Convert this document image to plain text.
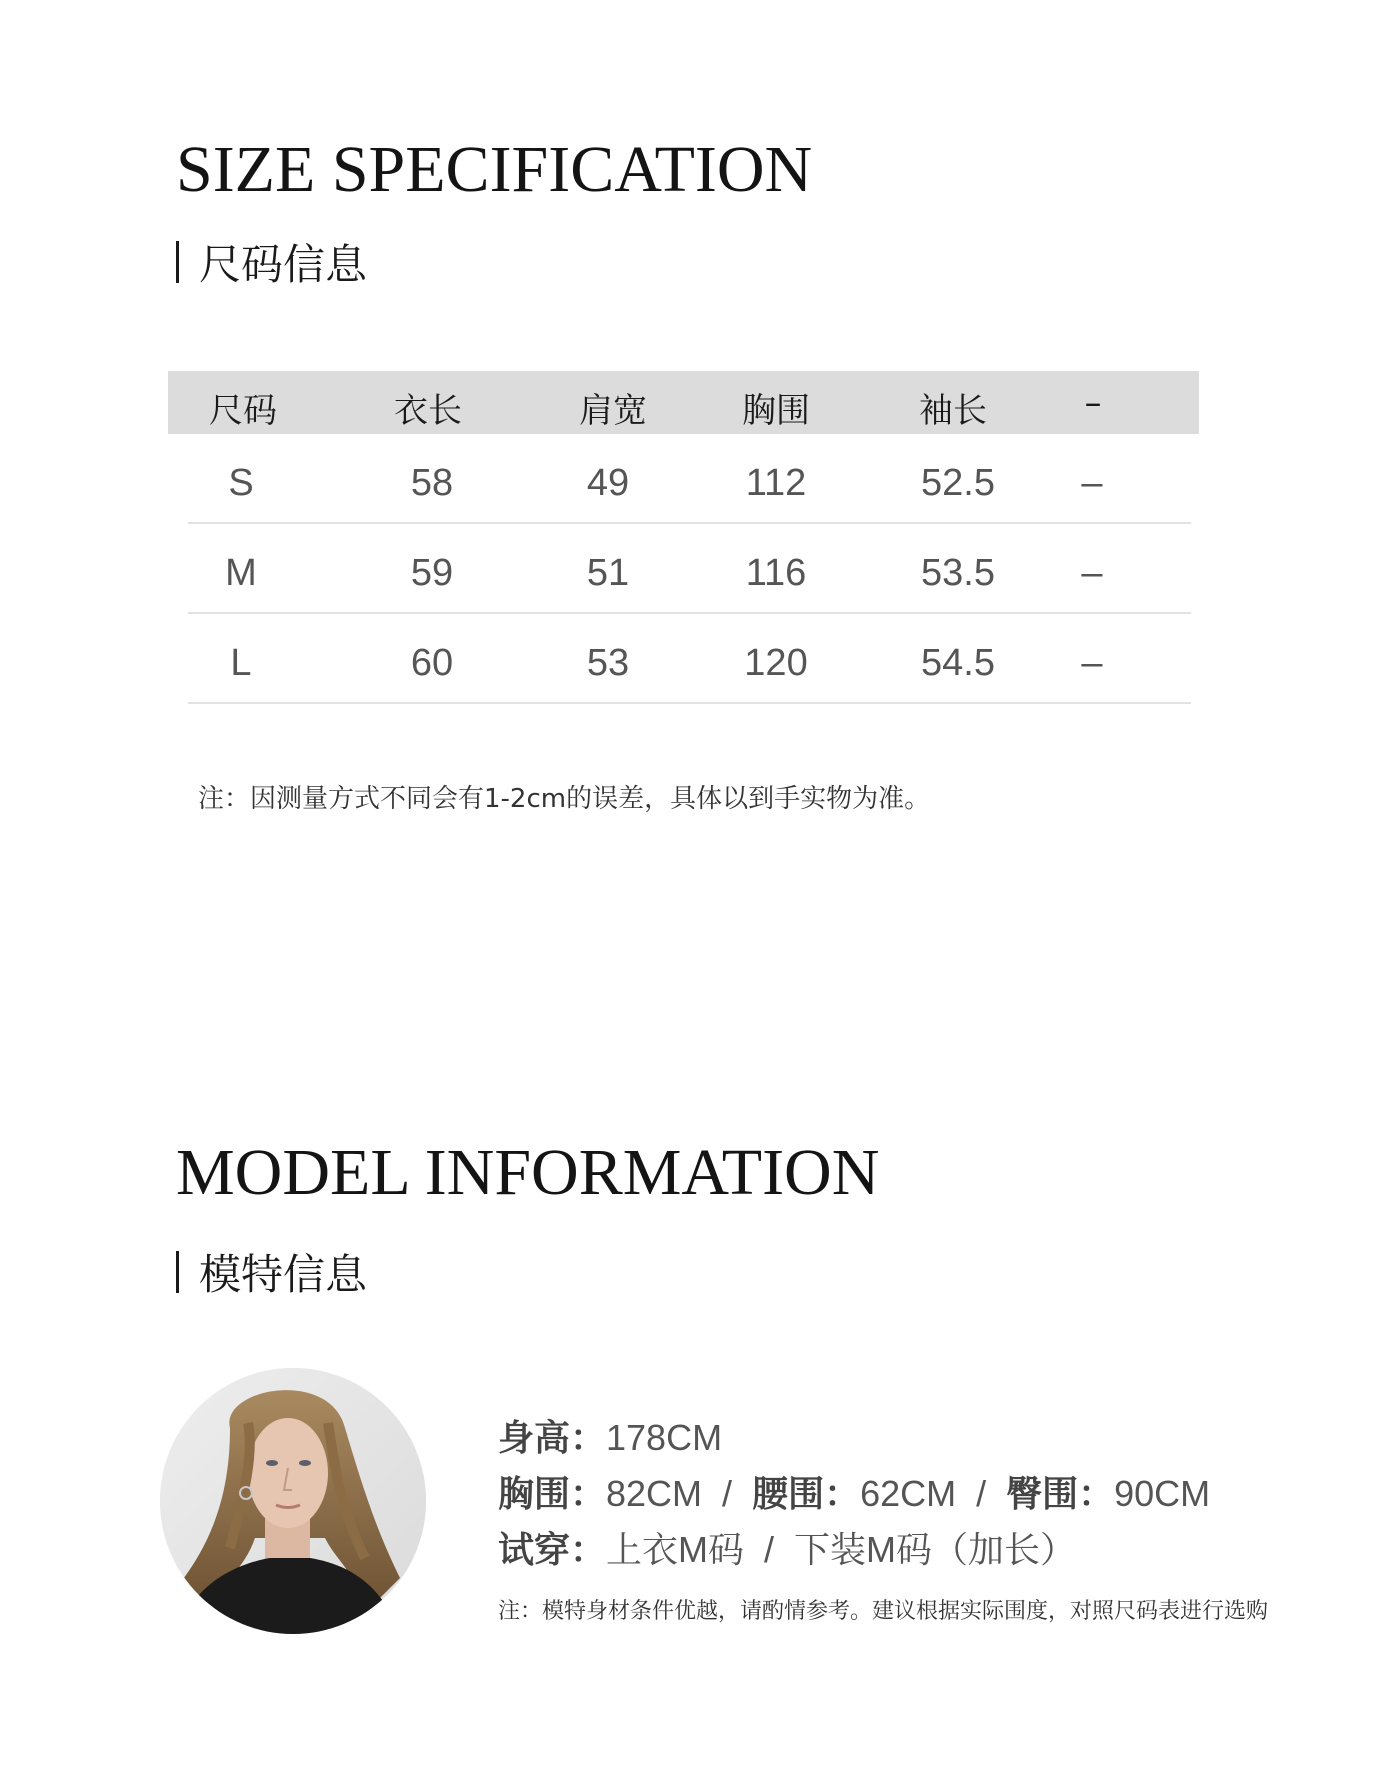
SIZE SPECIFICATION
尺码信息
尺码	衣长	肩宽	胸围	袖长	–
S	58	49	112	52.5 –
M	59	51	116	53.5 –
L	60	53	120	54.5 –
注：因测量方式不同会有1-2cm的误差，具体以到手实物为准。
MODEL INFORMATION
模特信息
身高：178CM
胸围：82CM / 腰围：62CM / 臀围：90CM
试穿：上衣M码 / 下装M码（加长）
注：模特身材条件优越，请酌情参考。建议根据实际围度，对照尺码表进行选购
